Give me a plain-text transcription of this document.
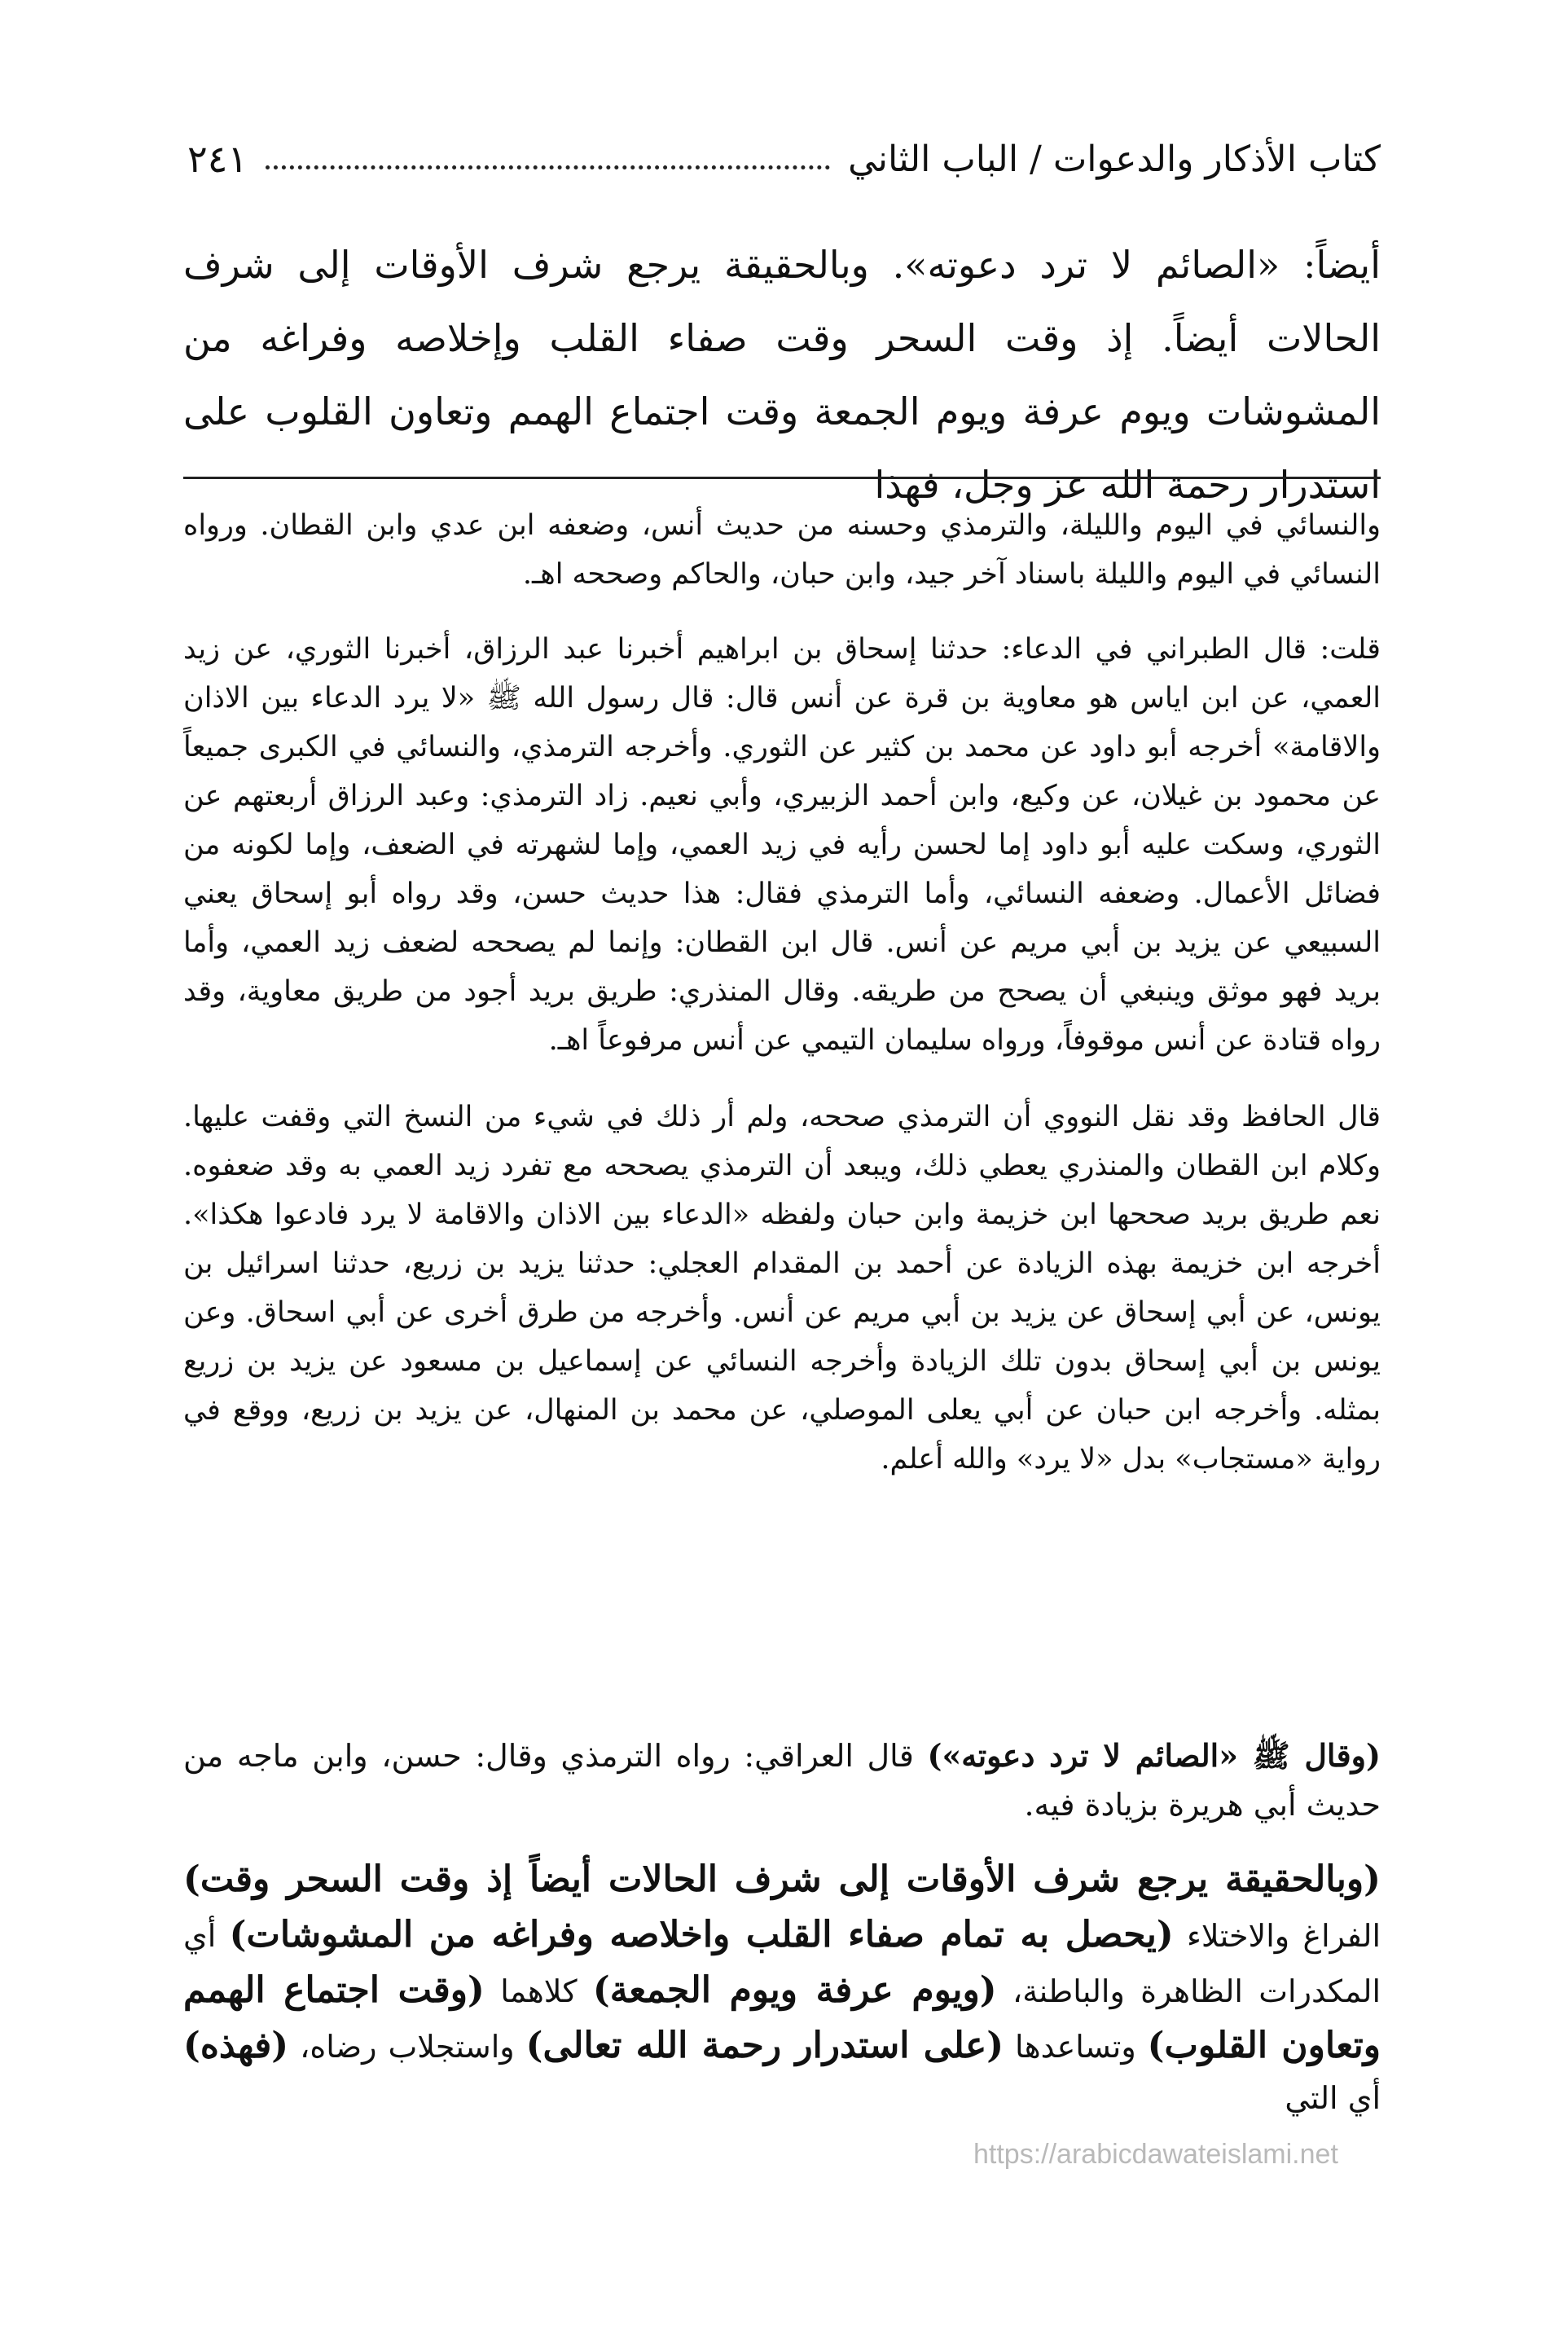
كتاب الأذكار والدعوات / الباب الثاني
٢٤١

أيضاً: «الصائم لا ترد دعوته». وبالحقيقة يرجع شرف الأوقات إلى شرف الحالات أيضاً. إذ وقت السحر وقت صفاء القلب وإخلاصه وفراغه من المشوشات ويوم عرفة ويوم الجمعة وقت اجتماع الهمم وتعاون القلوب على استدرار رحمة الله عز وجل، فهذا

والنسائي في اليوم والليلة، والترمذي وحسنه من حديث أنس، وضعفه ابن عدي وابن القطان. ورواه النسائي في اليوم والليلة باسناد آخر جيد، وابن حبان، والحاكم وصححه اهـ.

قلت: قال الطبراني في الدعاء: حدثنا إسحاق بن ابراهيم أخبرنا عبد الرزاق، أخبرنا الثوري، عن زيد العمي، عن ابن اياس هو معاوية بن قرة عن أنس قال: قال رسول الله ﷺ «لا يرد الدعاء بين الاذان والاقامة» أخرجه أبو داود عن محمد بن كثير عن الثوري. وأخرجه الترمذي، والنسائي في الكبرى جميعاً عن محمود بن غيلان، عن وكيع، وابن أحمد الزبيري، وأبي نعيم. زاد الترمذي: وعبد الرزاق أربعتهم عن الثوري، وسكت عليه أبو داود إما لحسن رأيه في زيد العمي، وإما لشهرته في الضعف، وإما لكونه من فضائل الأعمال. وضعفه النسائي، وأما الترمذي فقال: هذا حديث حسن، وقد رواه أبو إسحاق يعني السبيعي عن يزيد بن أبي مريم عن أنس. قال ابن القطان: وإنما لم يصححه لضعف زيد العمي، وأما بريد فهو موثق وينبغي أن يصحح من طريقه. وقال المنذري: طريق بريد أجود من طريق معاوية، وقد رواه قتادة عن أنس موقوفاً، ورواه سليمان التيمي عن أنس مرفوعاً اهـ.

قال الحافظ وقد نقل النووي أن الترمذي صححه، ولم أر ذلك في شيء من النسخ التي وقفت عليها. وكلام ابن القطان والمنذري يعطي ذلك، ويبعد أن الترمذي يصححه مع تفرد زيد العمي به وقد ضعفوه. نعم طريق بريد صححها ابن خزيمة وابن حبان ولفظه «الدعاء بين الاذان والاقامة لا يرد فادعوا هكذا». أخرجه ابن خزيمة بهذه الزيادة عن أحمد بن المقدام العجلي: حدثنا يزيد بن زريع، حدثنا اسرائيل بن يونس، عن أبي إسحاق عن يزيد بن أبي مريم عن أنس. وأخرجه من طرق أخرى عن أبي اسحاق. وعن يونس بن أبي إسحاق بدون تلك الزيادة وأخرجه النسائي عن إسماعيل بن مسعود عن يزيد بن زريع بمثله. وأخرجه ابن حبان عن أبي يعلى الموصلي، عن محمد بن المنهال، عن يزيد بن زريع، ووقع في رواية «مستجاب» بدل «لا يرد» والله أعلم.

(وقال ﷺ «الصائم لا ترد دعوته») قال العراقي: رواه الترمذي وقال: حسن، وابن ماجه من حديث أبي هريرة بزيادة فيه.

(وبالحقيقة يرجع شرف الأوقات إلى شرف الحالات أيضاً إذ وقت السحر وقت) الفراغ والاختلاء (يحصل به تمام صفاء القلب واخلاصه وفراغه من المشوشات) أي المكدرات الظاهرة والباطنة، (ويوم عرفة ويوم الجمعة) كلاهما (وقت اجتماع الهمم وتعاون القلوب) وتساعدها (على استدرار رحمة الله تعالى) واستجلاب رضاه، (فهذه) أي التي

https://arabicdawateislami.net
